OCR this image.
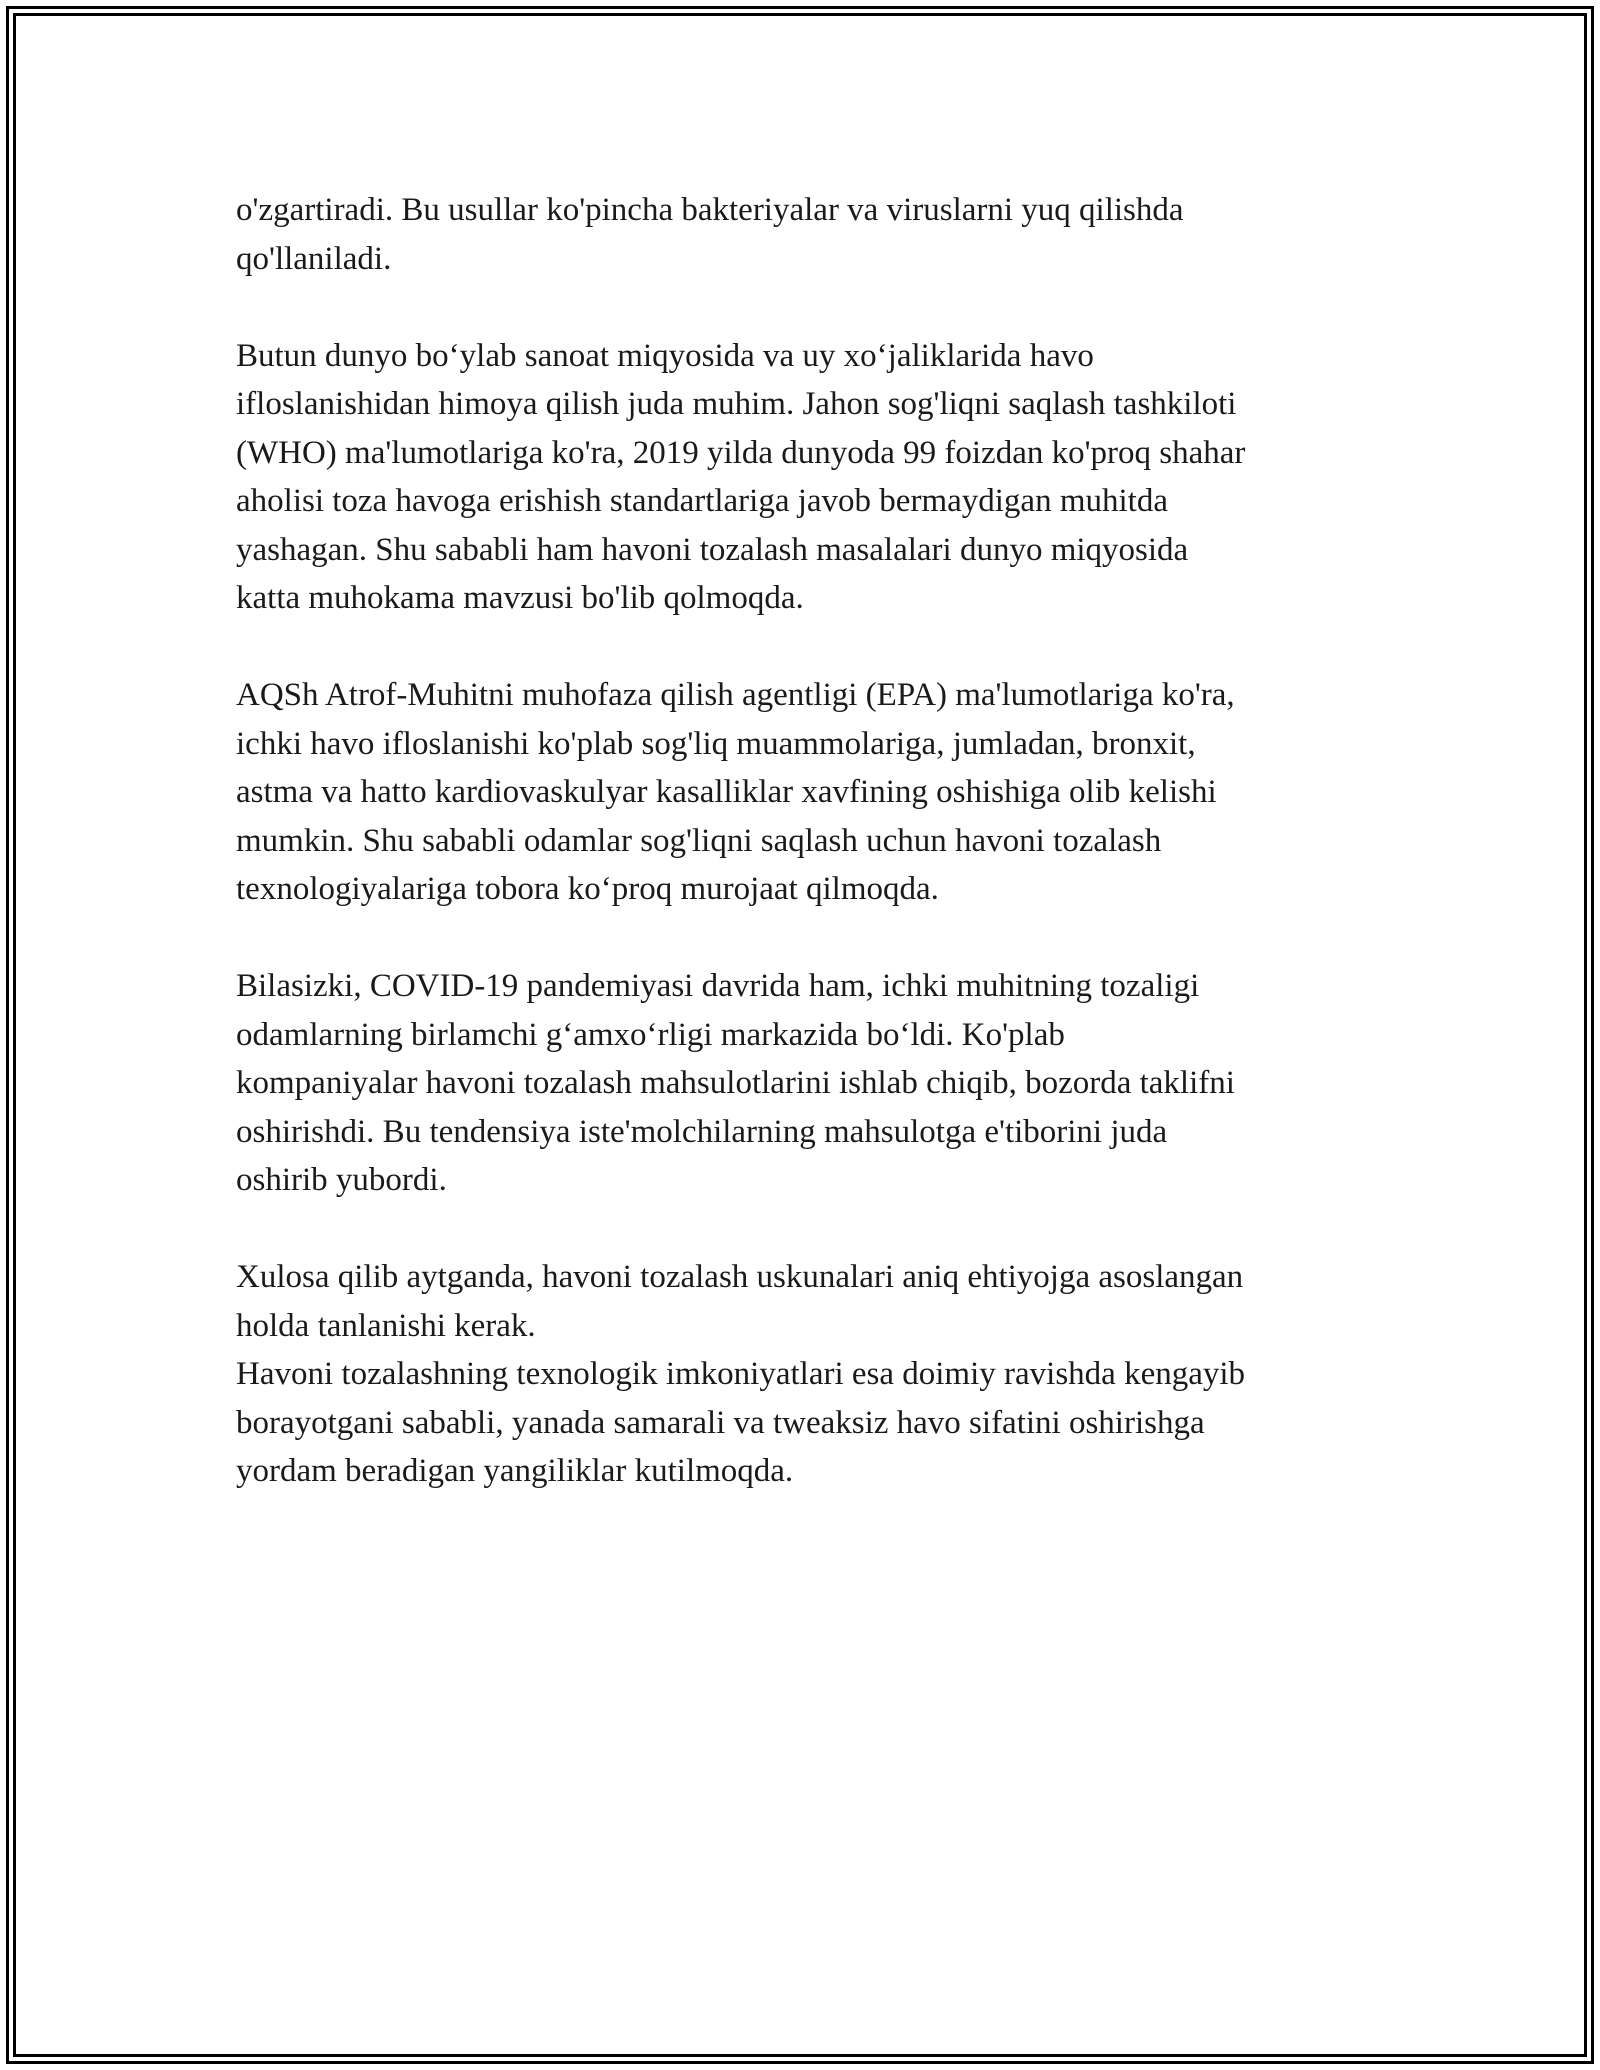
o'zgartiradi. Bu usullar ko'pincha bakteriyalar va viruslarni yuq qilishda
qo'llaniladi.
Butun dunyo bo‘ylab sanoat miqyosida va uy xo‘jaliklarida havo
ifloslanishidan himoya qilish juda muhim. Jahon sog'liqni saqlash tashkiloti
(WHO) ma'lumotlariga ko'ra, 2019 yilda dunyoda 99 foizdan ko'proq shahar
aholisi toza havoga erishish standartlariga javob bermaydigan muhitda
yashagan. Shu sababli ham havoni tozalash masalalari dunyo miqyosida
katta muhokama mavzusi bo'lib qolmoqda.
AQSh Atrof-Muhitni muhofaza qilish agentligi (EPA) ma'lumotlariga ko'ra,
ichki havo ifloslanishi ko'plab sog'liq muammolariga, jumladan, bronxit,
astma va hatto kardiovaskulyar kasalliklar xavfining oshishiga olib kelishi
mumkin. Shu sababli odamlar sog'liqni saqlash uchun havoni tozalash
texnologiyalariga tobora ko‘proq murojaat qilmoqda.
Bilasizki, COVID-19 pandemiyasi davrida ham, ichki muhitning tozaligi
odamlarning birlamchi g‘amxo‘rligi markazida bo‘ldi. Ko'plab
kompaniyalar havoni tozalash mahsulotlarini ishlab chiqib, bozorda taklifni
oshirishdi. Bu tendensiya iste'molchilarning mahsulotga e'tiborini juda
oshirib yubordi.
Xulosa qilib aytganda, havoni tozalash uskunalari aniq ehtiyojga asoslangan
holda tanlanishi kerak.
Havoni tozalashning texnologik imkoniyatlari esa doimiy ravishda kengayib
borayotgani sababli, yanada samarali va tweaksiz havo sifatini oshirishga
yordam beradigan yangiliklar kutilmoqda.
